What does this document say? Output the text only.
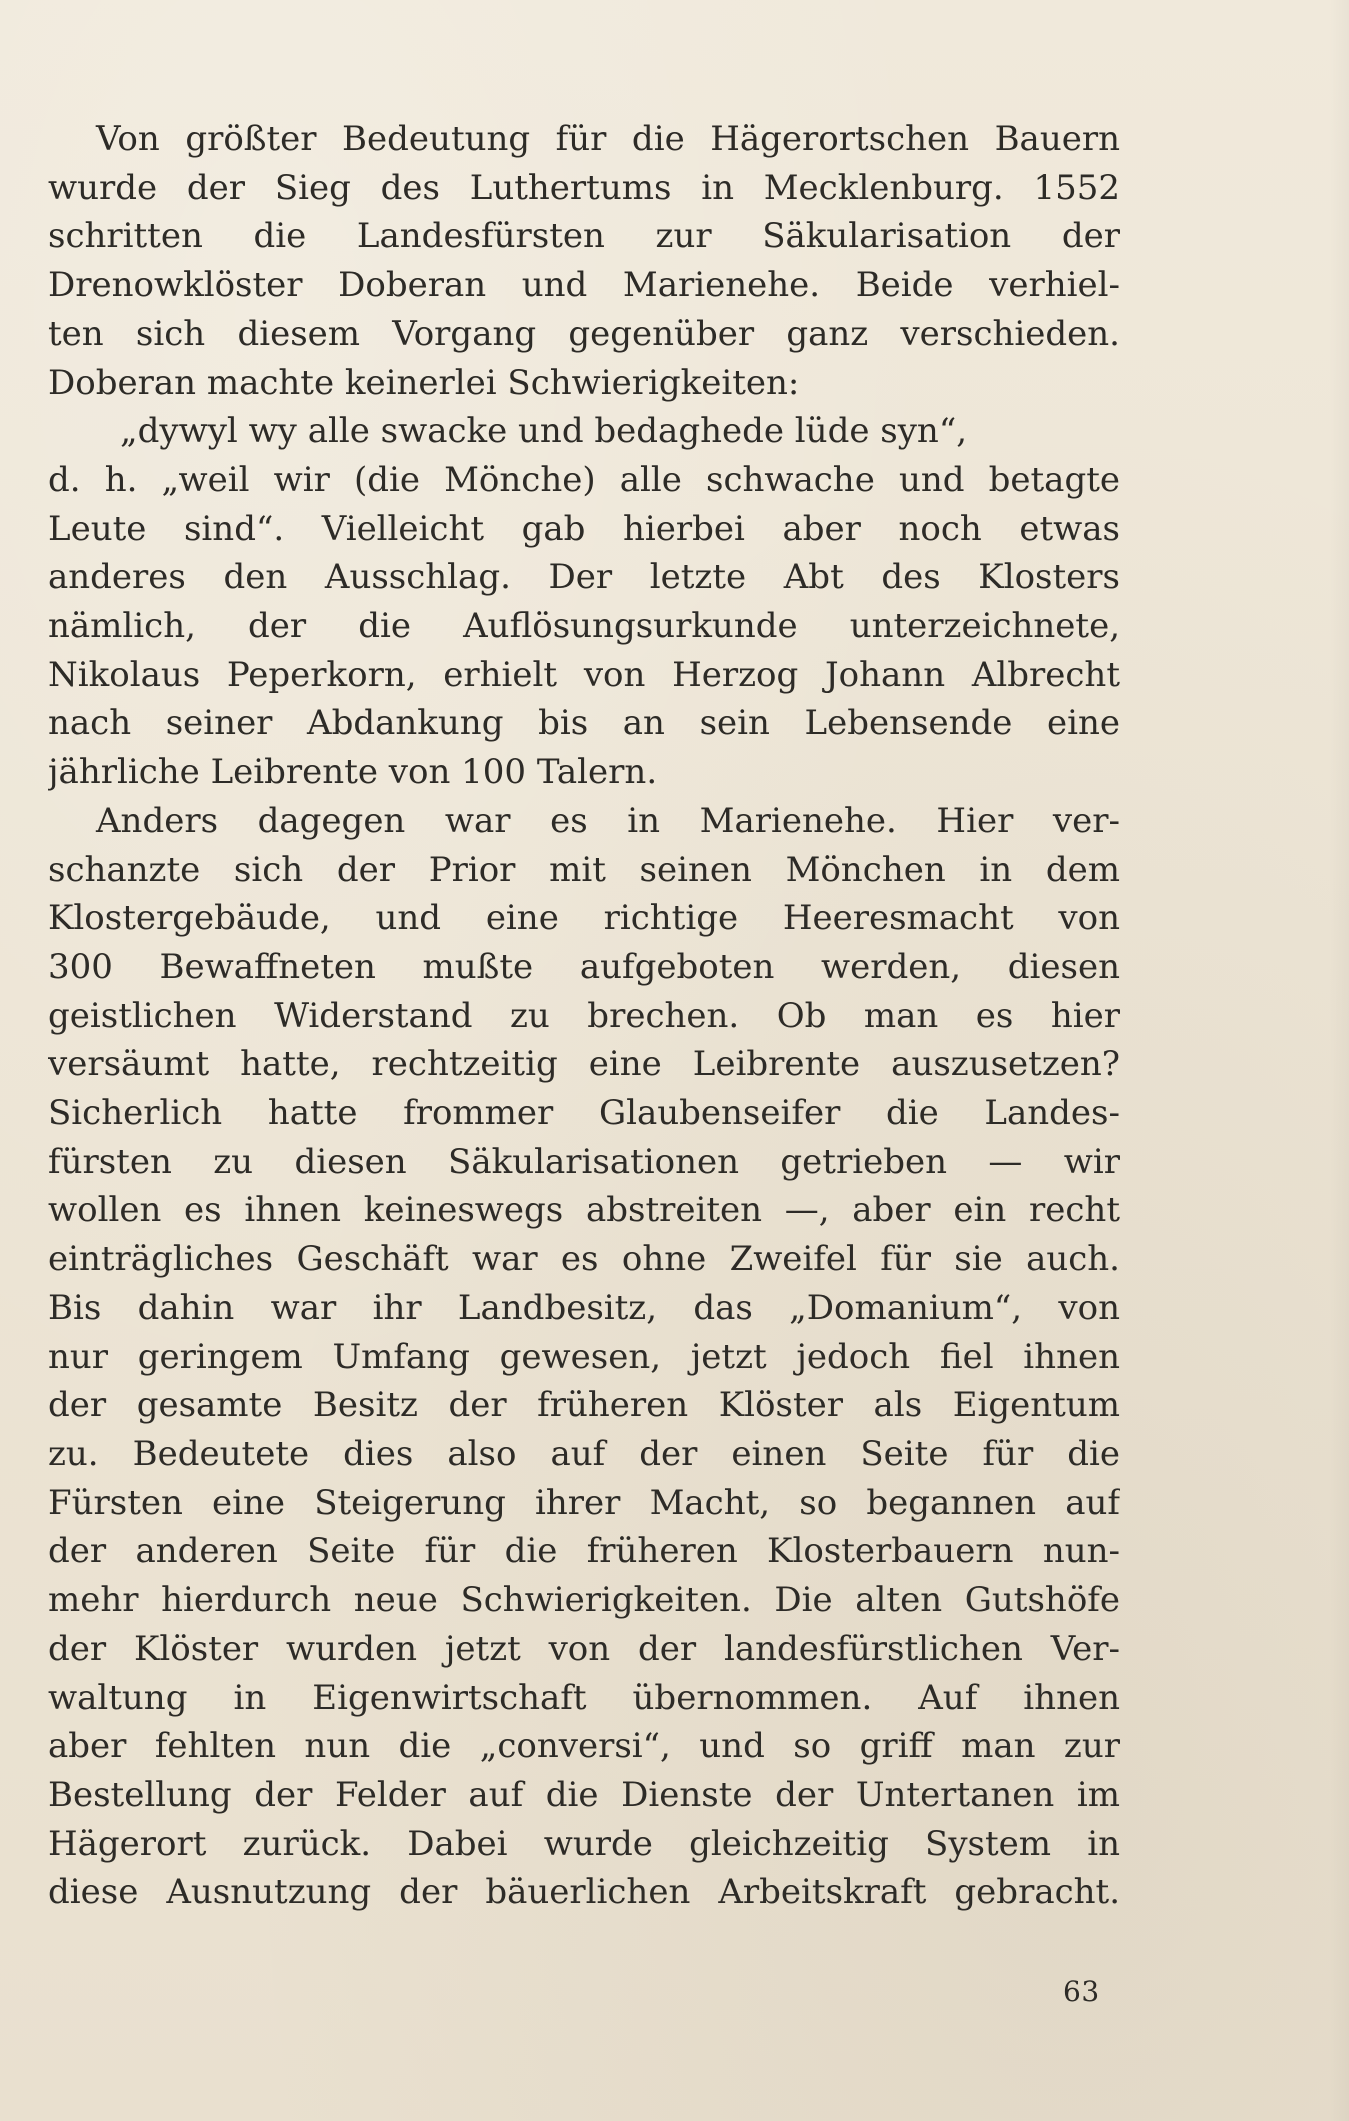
Von größter Bedeutung für die Hägerortschen Bauern
wurde der Sieg des Luthertums in Mecklenburg. 1552
schritten die Landesfürsten zur Säkularisation der
Drenowklöster Doberan und Marienehe. Beide verhiel-
ten sich diesem Vorgang gegenüber ganz verschieden.
Doberan machte keinerlei Schwierigkeiten:
„dywyl wy alle swacke und bedaghede lüde syn“,
d. h. „weil wir (die Mönche) alle schwache und betagte
Leute sind“. Vielleicht gab hierbei aber noch etwas
anderes den Ausschlag. Der letzte Abt des Klosters
nämlich, der die Auflösungsurkunde unterzeichnete,
Nikolaus Peperkorn, erhielt von Herzog Johann Albrecht
nach seiner Abdankung bis an sein Lebensende eine
jährliche Leibrente von 100 Talern.
Anders dagegen war es in Marienehe. Hier ver-
schanzte sich der Prior mit seinen Mönchen in dem
Klostergebäude, und eine richtige Heeresmacht von
300 Bewaffneten mußte aufgeboten werden, diesen
geistlichen Widerstand zu brechen. Ob man es hier
versäumt hatte, rechtzeitig eine Leibrente auszusetzen?
Sicherlich hatte frommer Glaubenseifer die Landes-
fürsten zu diesen Säkularisationen getrieben — wir
wollen es ihnen keineswegs abstreiten —, aber ein recht
einträgliches Geschäft war es ohne Zweifel für sie auch.
Bis dahin war ihr Landbesitz, das „Domanium“, von
nur geringem Umfang gewesen, jetzt jedoch fiel ihnen
der gesamte Besitz der früheren Klöster als Eigentum
zu. Bedeutete dies also auf der einen Seite für die
Fürsten eine Steigerung ihrer Macht, so begannen auf
der anderen Seite für die früheren Klosterbauern nun-
mehr hierdurch neue Schwierigkeiten. Die alten Gutshöfe
der Klöster wurden jetzt von der landesfürstlichen Ver-
waltung in Eigenwirtschaft übernommen. Auf ihnen
aber fehlten nun die „conversi“, und so griff man zur
Bestellung der Felder auf die Dienste der Untertanen im
Hägerort zurück. Dabei wurde gleichzeitig System in
diese Ausnutzung der bäuerlichen Arbeitskraft gebracht.
63
